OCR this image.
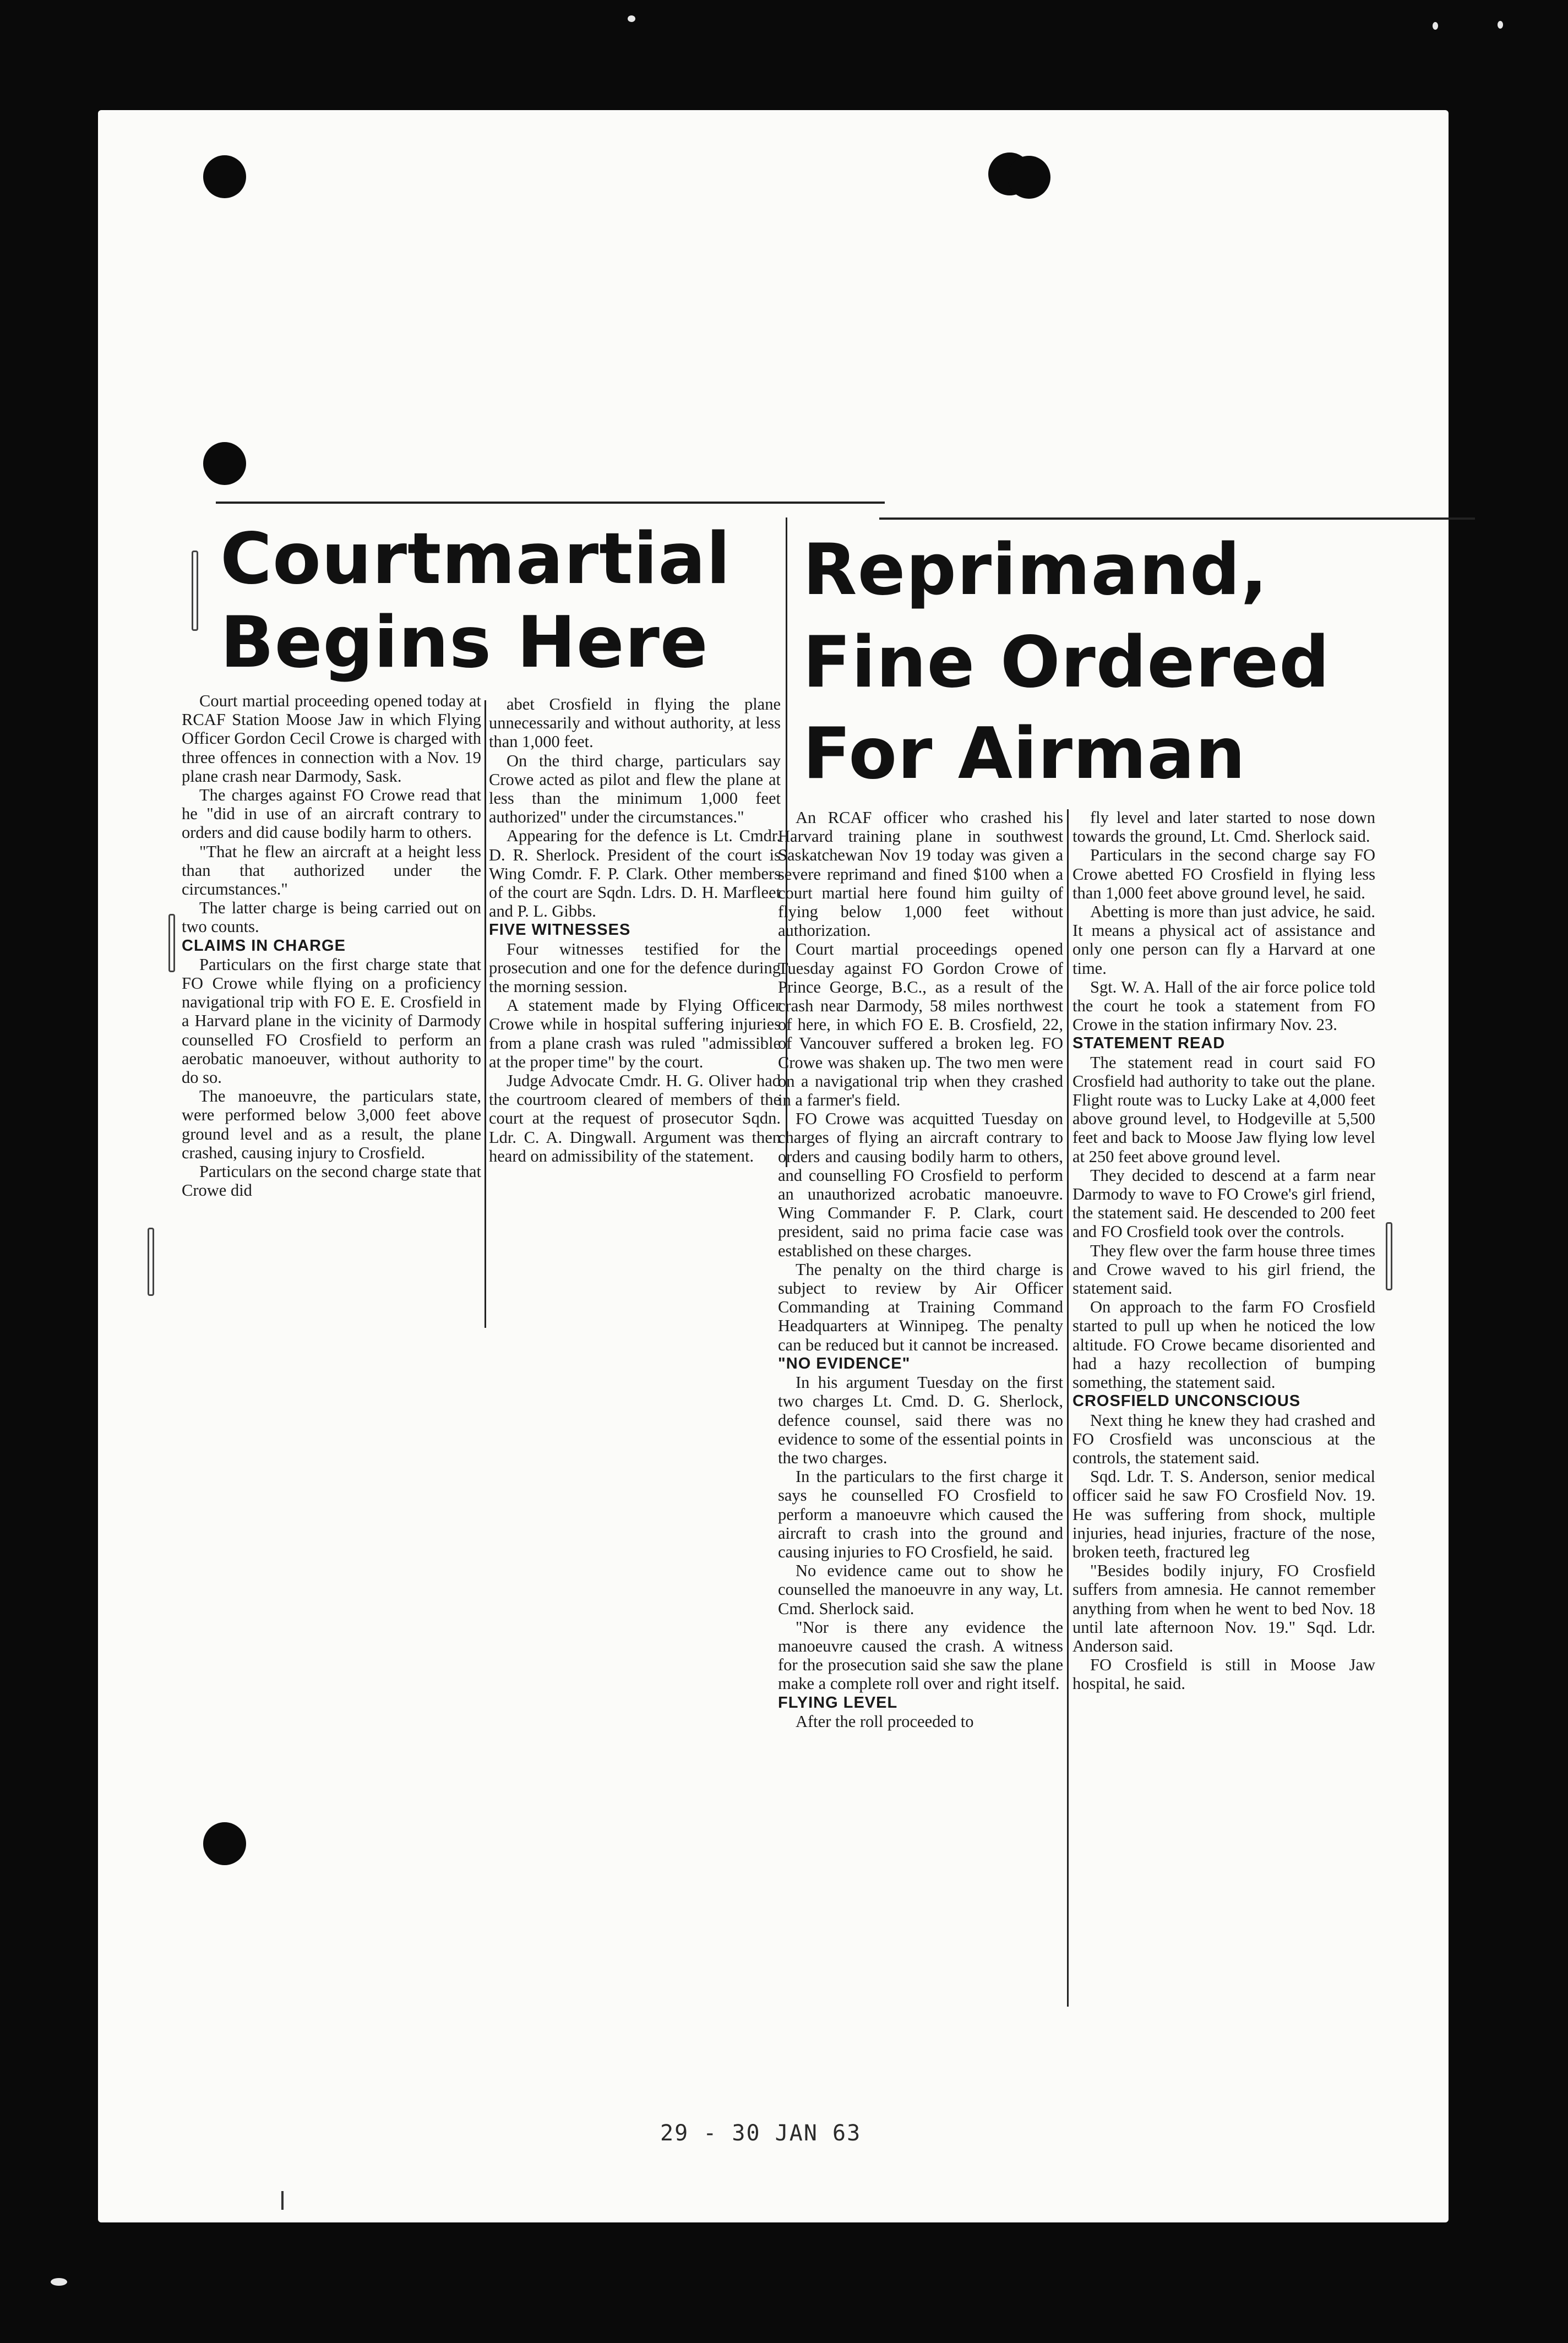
Courtmartial
Begins Here

Court martial proceeding opened today at RCAF Station Moose Jaw in which Flying Officer Gordon Cecil Crowe is charged with three offences in connection with a Nov. 19 plane crash near Darmody, Sask.

The charges against FO Crowe read that he "did in use of an aircraft contrary to orders and did cause bodily harm to others.

"That he flew an aircraft at a height less than that authorized under the circumstances."

The latter charge is being carried out on two counts.

CLAIMS IN CHARGE

Particulars on the first charge state that FO Crowe while flying on a proficiency navigational trip with FO E. E. Crosfield in a Harvard plane in the vicinity of Darmody counselled FO Crosfield to perform an aerobatic manoeuver, without authority to do so.

The manoeuvre, the particulars state, were performed below 3,000 feet above ground level and as a result, the plane crashed, causing injury to Crosfield.

Particulars on the second charge state that Crowe did

abet Crosfield in flying the plane unnecessarily and without authority, at less than 1,000 feet.

On the third charge, particulars say Crowe acted as pilot and flew the plane at less than the minimum 1,000 feet authorized" under the circumstances."

Appearing for the defence is Lt. Cmdr. D. R. Sherlock. President of the court is Wing Comdr. F. P. Clark. Other members of the court are Sqdn. Ldrs. D. H. Marfleet and P. L. Gibbs.

FIVE WITNESSES

Four witnesses testified for the prosecution and one for the defence during the morning session.

A statement made by Flying Officer Crowe while in hospital suffering injuries from a plane crash was ruled "admissible at the proper time" by the court.

Judge Advocate Cmdr. H. G. Oliver had the courtroom cleared of members of the court at the request of prosecutor Sqdn. Ldr. C. A. Dingwall. Argument was then heard on admissibility of the statement.

Reprimand,
Fine Ordered
For Airman

An RCAF officer who crashed his Harvard training plane in southwest Saskatchewan Nov 19 today was given a severe reprimand and fined $100 when a court martial here found him guilty of flying below 1,000 feet without authorization.

Court martial proceedings opened Tuesday against FO Gordon Crowe of Prince George, B.C., as a result of the crash near Darmody, 58 miles northwest of here, in which FO E. B. Crosfield, 22, of Vancouver suffered a broken leg. FO Crowe was shaken up. The two men were on a navigational trip when they crashed in a farmer's field.

FO Crowe was acquitted Tuesday on charges of flying an aircraft contrary to orders and causing bodily harm to others, and counselling FO Crosfield to perform an unauthorized acrobatic manoeuvre. Wing Commander F. P. Clark, court president, said no prima facie case was established on these charges.

The penalty on the third charge is subject to review by Air Officer Commanding at Training Command Headquarters at Winnipeg. The penalty can be reduced but it cannot be increased.

"NO EVIDENCE"

In his argument Tuesday on the first two charges Lt. Cmd. D. G. Sherlock, defence counsel, said there was no evidence to some of the essential points in the two charges.

In the particulars to the first charge it says he counselled FO Crosfield to perform a manoeuvre which caused the aircraft to crash into the ground and causing injuries to FO Crosfield, he said.

No evidence came out to show he counselled the manoeuvre in any way, Lt. Cmd. Sherlock said.

"Nor is there any evidence the manoeuvre caused the crash. A witness for the prosecution said she saw the plane make a complete roll over and right itself.

FLYING LEVEL

After the roll proceeded to

fly level and later started to nose down towards the ground, Lt. Cmd. Sherlock said.

Particulars in the second charge say FO Crowe abetted FO Crosfield in flying less than 1,000 feet above ground level, he said.

Abetting is more than just advice, he said. It means a physical act of assistance and only one person can fly a Harvard at one time.

Sgt. W. A. Hall of the air force police told the court he took a statement from FO Crowe in the station infirmary Nov. 23.

STATEMENT READ

The statement read in court said FO Crosfield had authority to take out the plane. Flight route was to Lucky Lake at 4,000 feet above ground level, to Hodgeville at 5,500 feet and back to Moose Jaw flying low level at 250 feet above ground level.

They decided to descend at a farm near Darmody to wave to FO Crowe's girl friend, the statement said. He descended to 200 feet and FO Crosfield took over the controls.

They flew over the farm house three times and Crowe waved to his girl friend, the statement said.

On approach to the farm FO Crosfield started to pull up when he noticed the low altitude. FO Crowe became disoriented and had a hazy recollection of bumping something, the statement said.

CROSFIELD UNCONSCIOUS

Next thing he knew they had crashed and FO Crosfield was unconscious at the controls, the statement said.

Sqd. Ldr. T. S. Anderson, senior medical officer said he saw FO Crosfield Nov. 19. He was suffering from shock, multiple injuries, head injuries, fracture of the nose, broken teeth, fractured leg

"Besides bodily injury, FO Crosfield suffers from amnesia. He cannot remember anything from when he went to bed Nov. 18 until late afternoon Nov. 19." Sqd. Ldr. Anderson said.

FO Crosfield is still in Moose Jaw hospital, he said.

29 - 30 JAN 63
